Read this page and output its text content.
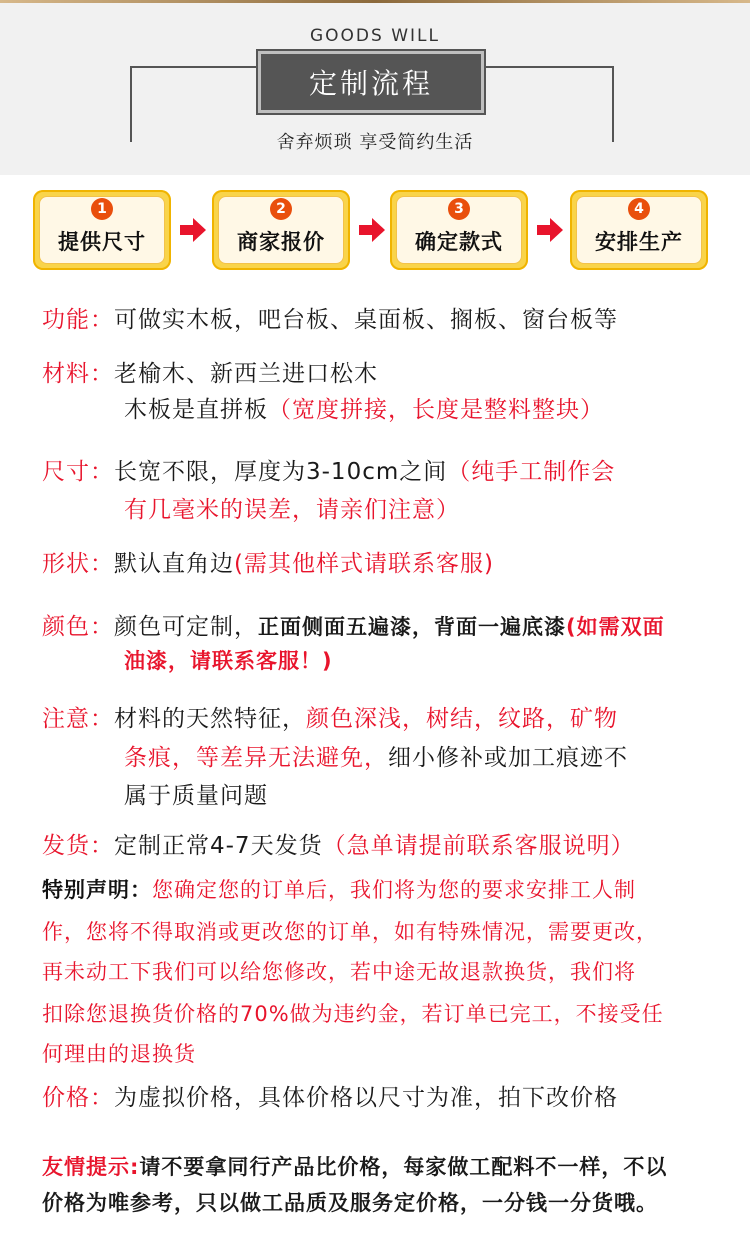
GOODS WILL
定制流程
舍弃烦琐 享受简约生活
1
提供尺寸
2
商家报价
3
确定款式
4
安排生产
功能：可做实木板，吧台板、桌面板、搁板、窗台板等
材料：老榆木、新西兰进口松木
木板是直拼板（宽度拼接，长度是整料整块）
尺寸：长宽不限，厚度为3-10cm之间（纯手工制作会
有几毫米的误差，请亲们注意）
形状：默认直角边(需其他样式请联系客服)
颜色：颜色可定制，正面侧面五遍漆，背面一遍底漆(如需双面
油漆，请联系客服！)
注意：材料的天然特征，颜色深浅，树结，纹路，矿物
条痕，等差异无法避免，细小修补或加工痕迹不
属于质量问题
发货：定制正常4-7天发货（急单请提前联系客服说明）
特别声明：您确定您的订单后，我们将为您的要求安排工人制
作，您将不得取消或更改您的订单，如有特殊情况，需要更改，
再未动工下我们可以给您修改，若中途无故退款换货，我们将
扣除您退换货价格的70%做为违约金，若订单已完工，不接受任
何理由的退换货
价格：为虚拟价格，具体价格以尺寸为准，拍下改价格
友情提示:请不要拿同行产品比价格，每家做工配料不一样，不以
价格为唯参考，只以做工品质及服务定价格，一分钱一分货哦。
